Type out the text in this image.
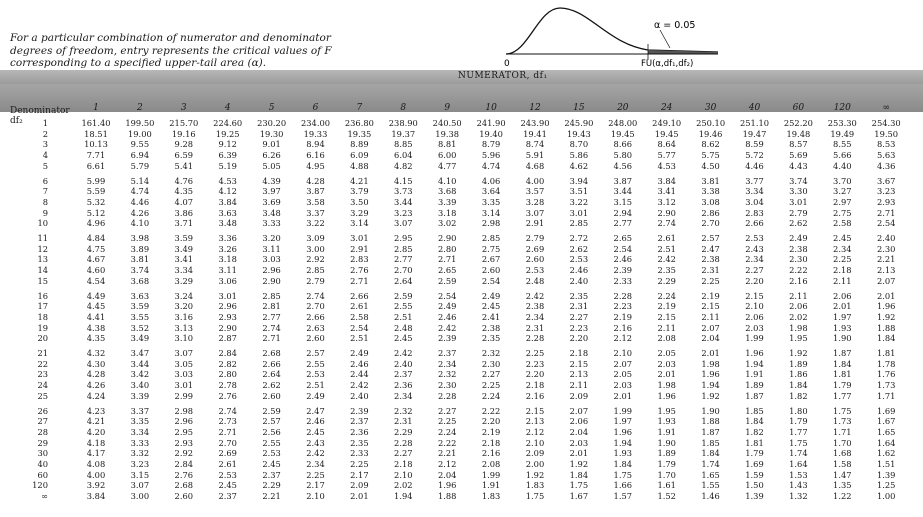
For a particular combination of numerator and denominator degrees of freedom, entry represents the critical values of F corresponding to a specified upper-tail area (α).
α = 0.05
0	FU(α,df₁,df₂)
NUMERATOR, df₁
Denominator
df₂
1	2	3	4	5	6	7	8	9	10	12	15	20	24	30	40	60	120	∞
1	161.40	199.50	215.70	224.60	230.20	234.00	236.80	238.90	240.50	241.90	243.90	245.90	248.00	249.10	250.10	251.10	252.20	253.30	254.30
2	18.51	19.00	19.16	19.25	19.30	19.33	19.35	19.37	19.38	19.40	19.41	19.43	19.45	19.45	19.46	19.47	19.48	19.49	19.50
3	10.13	9.55	9.28	9.12	9.01	8.94	8.89	8.85	8.81	8.79	8.74	8.70	8.66	8.64	8.62	8.59	8.57	8.55	8.53
4	7.71	6.94	6.59	6.39	6.26	6.16	6.09	6.04	6.00	5.96	5.91	5.86	5.80	5.77	5.75	5.72	5.69	5.66	5.63
5	6.61	5.79	5.41	5.19	5.05	4.95	4.88	4.82	4.77	4.74	4.68	4.62	4.56	4.53	4.50	4.46	4.43	4.40	4.36
6	5.99	5.14	4.76	4.53	4.39	4.28	4.21	4.15	4.10	4.06	4.00	3.94	3.87	3.84	3.81	3.77	3.74	3.70	3.67
7	5.59	4.74	4.35	4.12	3.97	3.87	3.79	3.73	3.68	3.64	3.57	3.51	3.44	3.41	3.38	3.34	3.30	3.27	3.23
8	5.32	4.46	4.07	3.84	3.69	3.58	3.50	3.44	3.39	3.35	3.28	3.22	3.15	3.12	3.08	3.04	3.01	2.97	2.93
9	5.12	4.26	3.86	3.63	3.48	3.37	3.29	3.23	3.18	3.14	3.07	3.01	2.94	2.90	2.86	2.83	2.79	2.75	2.71
10	4.96	4.10	3.71	3.48	3.33	3.22	3.14	3.07	3.02	2.98	2.91	2.85	2.77	2.74	2.70	2.66	2.62	2.58	2.54
11	4.84	3.98	3.59	3.36	3.20	3.09	3.01	2.95	2.90	2.85	2.79	2.72	2.65	2.61	2.57	2.53	2.49	2.45	2.40
12	4.75	3.89	3.49	3.26	3.11	3.00	2.91	2.85	2.80	2.75	2.69	2.62	2.54	2.51	2.47	2.43	2.38	2.34	2.30
13	4.67	3.81	3.41	3.18	3.03	2.92	2.83	2.77	2.71	2.67	2.60	2.53	2.46	2.42	2.38	2.34	2.30	2.25	2.21
14	4.60	3.74	3.34	3.11	2.96	2.85	2.76	2.70	2.65	2.60	2.53	2.46	2.39	2.35	2.31	2.27	2.22	2.18	2.13
15	4.54	3.68	3.29	3.06	2.90	2.79	2.71	2.64	2.59	2.54	2.48	2.40	2.33	2.29	2.25	2.20	2.16	2.11	2.07
16	4.49	3.63	3.24	3.01	2.85	2.74	2.66	2.59	2.54	2.49	2.42	2.35	2.28	2.24	2.19	2.15	2.11	2.06	2.01
17	4.45	3.59	3.20	2.96	2.81	2.70	2.61	2.55	2.49	2.45	2.38	2.31	2.23	2.19	2.15	2.10	2.06	2.01	1.96
18	4.41	3.55	3.16	2.93	2.77	2.66	2.58	2.51	2.46	2.41	2.34	2.27	2.19	2.15	2.11	2.06	2.02	1.97	1.92
19	4.38	3.52	3.13	2.90	2.74	2.63	2.54	2.48	2.42	2.38	2.31	2.23	2.16	2.11	2.07	2.03	1.98	1.93	1.88
20	4.35	3.49	3.10	2.87	2.71	2.60	2.51	2.45	2.39	2.35	2.28	2.20	2.12	2.08	2.04	1.99	1.95	1.90	1.84
21	4.32	3.47	3.07	2.84	2.68	2.57	2.49	2.42	2.37	2.32	2.25	2.18	2.10	2.05	2.01	1.96	1.92	1.87	1.81
22	4.30	3.44	3.05	2.82	2.66	2.55	2.46	2.40	2.34	2.30	2.23	2.15	2.07	2.03	1.98	1.94	1.89	1.84	1.78
23	4.28	3.42	3.03	2.80	2.64	2.53	2.44	2.37	2.32	2.27	2.20	2.13	2.05	2.01	1.96	1.91	1.86	1.81	1.76
24	4.26	3.40	3.01	2.78	2.62	2.51	2.42	2.36	2.30	2.25	2.18	2.11	2.03	1.98	1.94	1.89	1.84	1.79	1.73
25	4.24	3.39	2.99	2.76	2.60	2.49	2.40	2.34	2.28	2.24	2.16	2.09	2.01	1.96	1.92	1.87	1.82	1.77	1.71
26	4.23	3.37	2.98	2.74	2.59	2.47	2.39	2.32	2.27	2.22	2.15	2.07	1.99	1.95	1.90	1.85	1.80	1.75	1.69
27	4.21	3.35	2.96	2.73	2.57	2.46	2.37	2.31	2.25	2.20	2.13	2.06	1.97	1.93	1.88	1.84	1.79	1.73	1.67
28	4.20	3.34	2.95	2.71	2.56	2.45	2.36	2.29	2.24	2.19	2.12	2.04	1.96	1.91	1.87	1.82	1.77	1.71	1.65
29	4.18	3.33	2.93	2.70	2.55	2.43	2.35	2.28	2.22	2.18	2.10	2.03	1.94	1.90	1.85	1.81	1.75	1.70	1.64
30	4.17	3.32	2.92	2.69	2.53	2.42	2.33	2.27	2.21	2.16	2.09	2.01	1.93	1.89	1.84	1.79	1.74	1.68	1.62
40	4.08	3.23	2.84	2.61	2.45	2.34	2.25	2.18	2.12	2.08	2.00	1.92	1.84	1.79	1.74	1.69	1.64	1.58	1.51
60	4.00	3.15	2.76	2.53	2.37	2.25	2.17	2.10	2.04	1.99	1.92	1.84	1.75	1.70	1.65	1.59	1.53	1.47	1.39
120	3.92	3.07	2.68	2.45	2.29	2.17	2.09	2.02	1.96	1.91	1.83	1.75	1.66	1.61	1.55	1.50	1.43	1.35	1.25
∞	3.84	3.00	2.60	2.37	2.21	2.10	2.01	1.94	1.88	1.83	1.75	1.67	1.57	1.52	1.46	1.39	1.32	1.22	1.00
